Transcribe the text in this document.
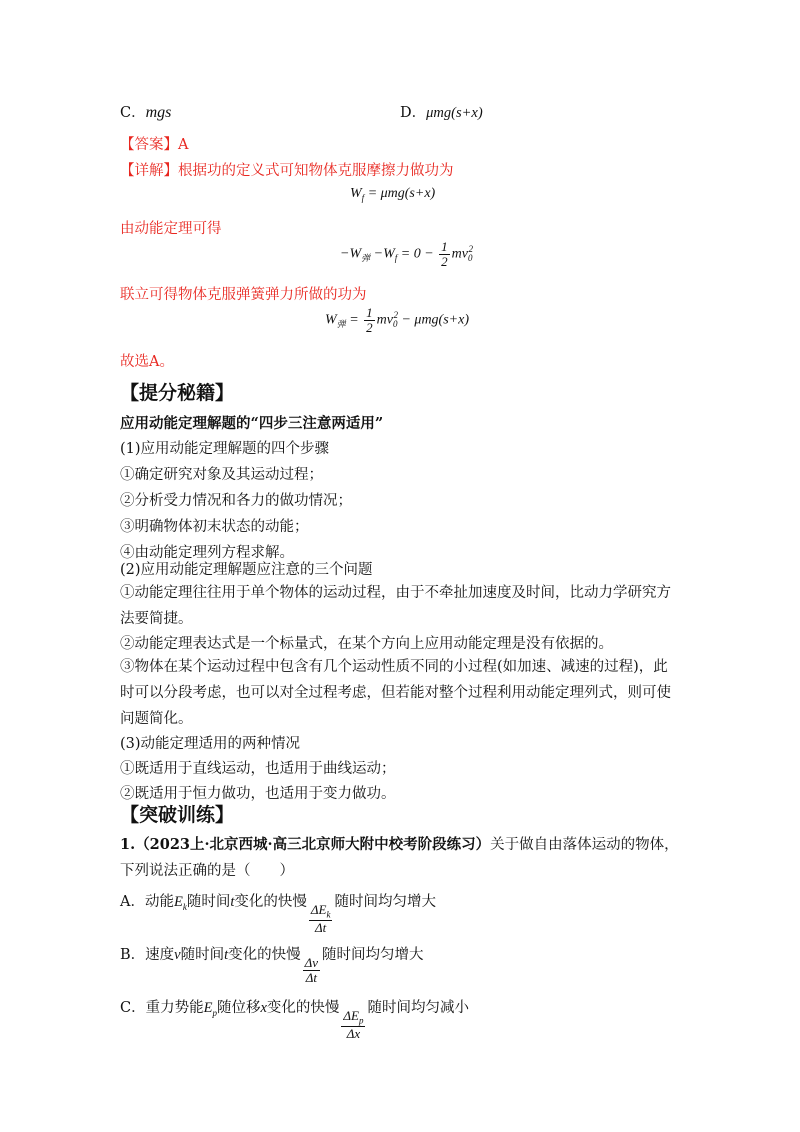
C．mgs	D．μmg(s+x)
【答案】A
【详解】根据功的定义式可知物体克服摩擦力做功为
$W_f = \mu mg(s+x)$
由动能定理可得
$-W_弹 -W_f = 0 - \frac{1}{2} mv_0^2$
联立可得物体克服弹簧弹力所做的功为
$W_弹 = \frac{1}{2} mv_0^2 - \mu mg(s+x)$
故选A。
【提分秘籍】
应用动能定理解题的“四步三注意两适用”
(1)应用动能定理解题的四个步骤
①确定研究对象及其运动过程；
②分析受力情况和各力的做功情况；
③明确物体初末状态的动能；
④由动能定理列方程求解。
(2)应用动能定理解题应注意的三个问题
①动能定理往往用于单个物体的运动过程，由于不牵扯加速度及时间，比动力学研究方法要简捷。
②动能定理表达式是一个标量式，在某个方向上应用动能定理是没有依据的。
③物体在某个运动过程中包含有几个运动性质不同的小过程(如加速、减速的过程)，此时可以分段考虑，也可以对全过程考虑，但若能对整个过程利用动能定理列式，则可使问题简化。
(3)动能定理适用的两种情况
①既适用于直线运动，也适用于曲线运动；
②既适用于恒力做功，也适用于变力做功。
【突破训练】
1.（2023上·北京西城·高三北京师大附中校考阶段练习）关于做自由落体运动的物体，下列说法正确的是（　　）
A．动能$E_k$随时间t变化的快慢
$\frac{\Delta E_k}{\Delta t}$
随时间均匀增大
B．速度v随时间t变化的快慢
$\frac{\Delta v}{\Delta t}$
随时间均匀增大
C．重力势能$E_p$随位移x变化的快慢
$\frac{\Delta E_p}{\Delta x}$
随时间均匀减小
